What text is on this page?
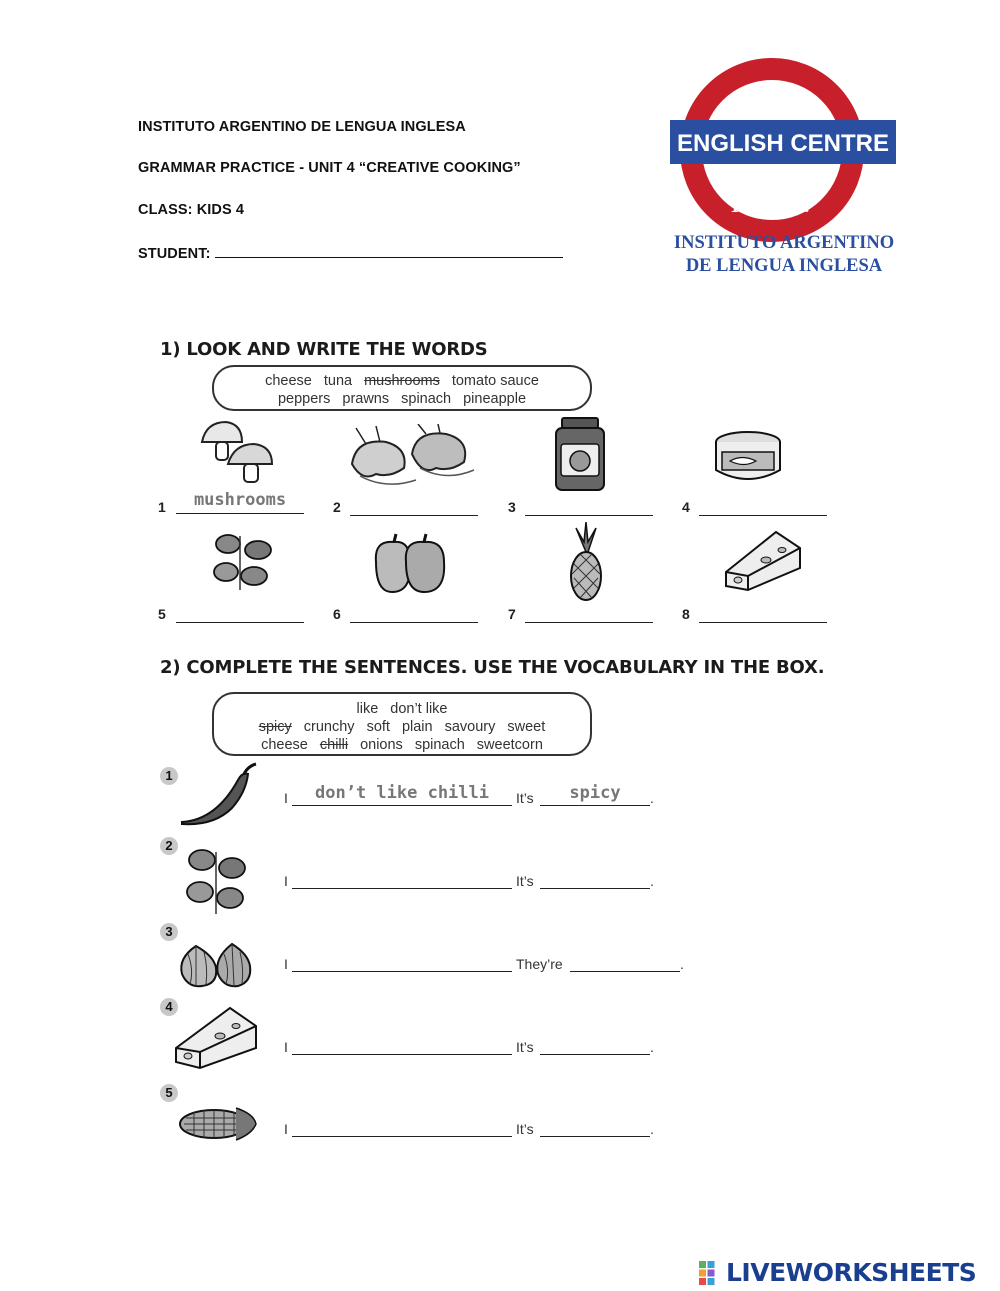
INSTITUTO ARGENTINO DE LENGUA INGLESA
GRAMMAR PRACTICE - UNIT 4 “CREATIVE COOKING”
CLASS: KIDS 4
STUDENT:
ENGLISH CENTRE
I.A.L.I.
INSTITUTO ARGENTINO
DE LENGUA INGLESA
1) LOOK AND WRITE THE WORDS
cheese tuna mushrooms tomato sauce
peppers prawns spinach pineapple
1	mushrooms	2	3	4
5	6	7	8
2) COMPLETE THE SENTENCES. USE THE VOCABULARY IN THE BOX.
like don’t like
spicy crunchy soft plain savoury sweet
cheese chilli onions spinach sweetcorn
1
I	don’t like chilli	It’s	spicy	.
2
I	It’s	.
3
I	They’re	.
4
I	It’s	.
5
I	It’s	.
LIVEWORKSHEETS
